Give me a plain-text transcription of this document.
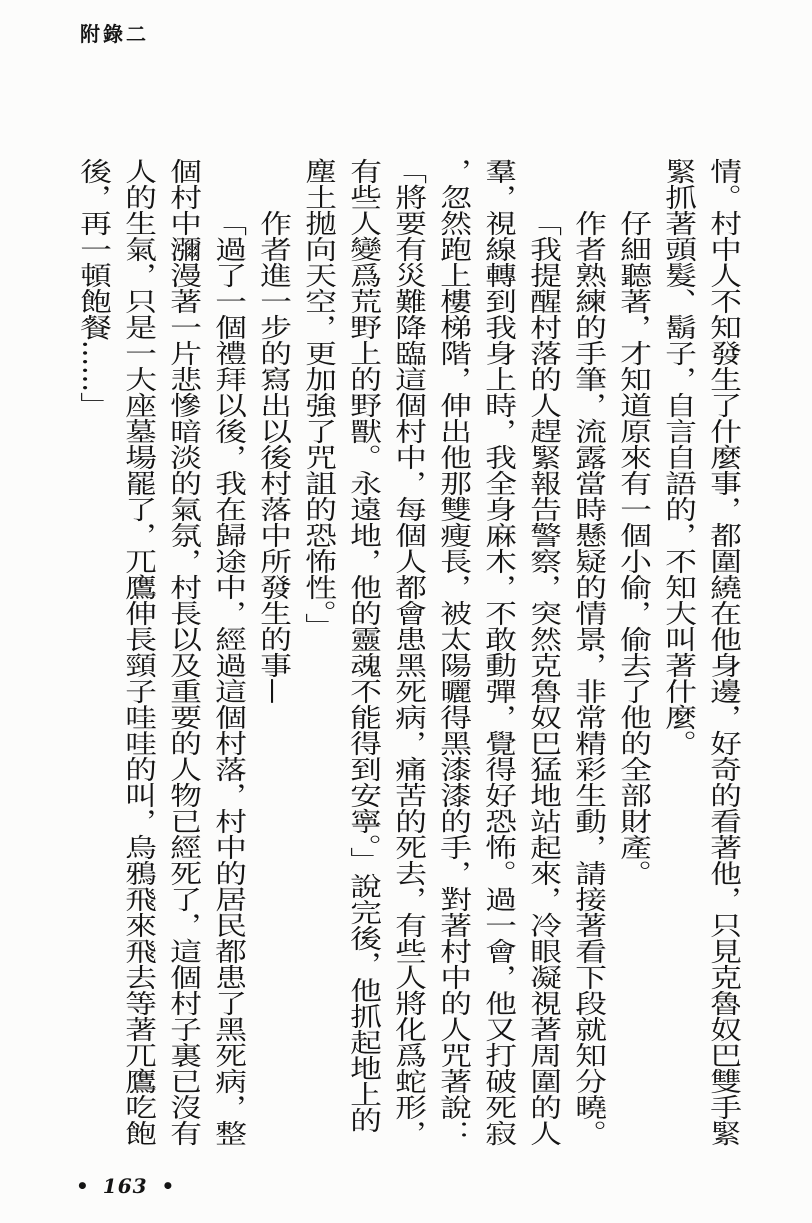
附錄二
情。村中人不知發生了什麼事，都圍繞在他身邊，好奇的看著他，只見克魯奴巴雙手緊
緊抓著頭髮、鬍子，自言自語的，不知大叫著什麼。
仔細聽著，才知道原來有一個小偷，偷去了他的全部財產。
作者熟練的手筆，流露當時懸疑的情景，非常精彩生動，請接著看下段就知分曉。
「我提醒村落的人趕緊報告警察，突然克魯奴巴猛地站起來，冷眼凝視著周圍的人
羣，視線轉到我身上時，我全身麻木，不敢動彈，覺得好恐怖。過一會，他又打破死寂
，忽然跑上樓梯階，伸出他那雙瘦長，被太陽曬得黑漆漆的手，對著村中的人咒著說：
「將要有災難降臨這個村中，每個人都會患黑死病，痛苦的死去，有些人將化爲蛇形，
有些人變爲荒野上的野獸。永遠地，他的靈魂不能得到安寧。」說完後，他抓起地上的
塵土拋向天空，更加強了咒詛的恐怖性。」
作者進一步的寫出以後村落中所發生的事—
「過了一個禮拜以後，我在歸途中，經過這個村落，村中的居民都患了黑死病，整
個村中瀰漫著一片悲慘暗淡的氣氛，村長以及重要的人物已經死了，這個村子裏已沒有
人的生氣，只是一大座墓場罷了，兀鷹伸長頸子哇哇的叫，烏鴉飛來飛去等著兀鷹吃飽
後，再一頓飽餐……」
• 163 •
